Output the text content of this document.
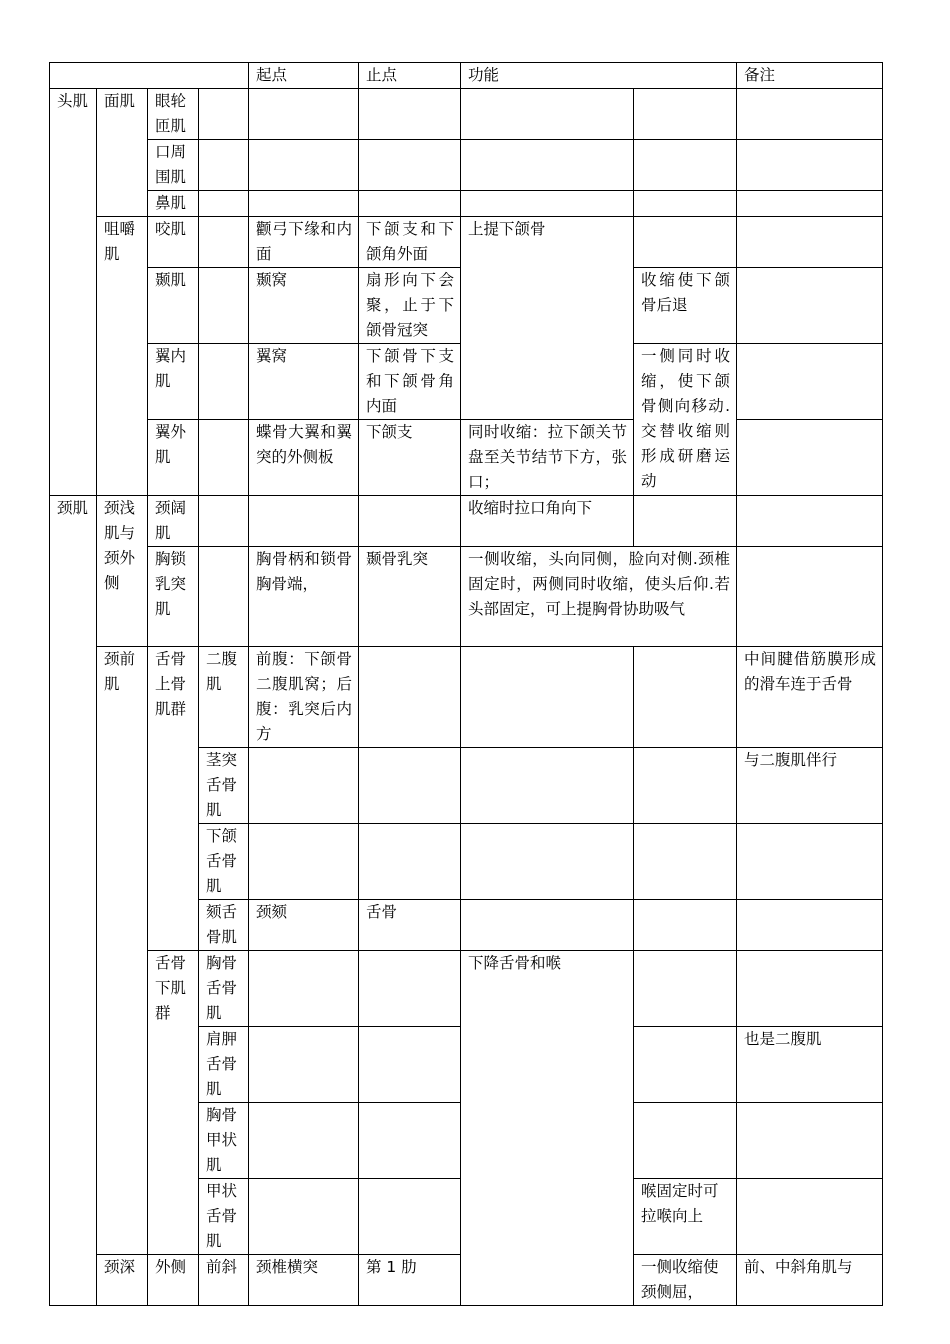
				起点	止点	功能		备注
头肌	面肌	眼轮匝肌						
		口周围肌						
		鼻肌						
	咀嚼肌	咬肌		颧弓下缘和内面	下颌支和下颌角外面	上提下颌骨		
		颞肌		颞窝	扇形向下会聚，止于下颌骨冠突		收缩使下颌骨后退	
		翼内肌		翼窝	下颌骨下支和下颌骨角内面		一侧同时收缩，使下颌骨侧向移动.交替收缩则形成研磨运动	
		翼外肌		蝶骨大翼和翼突的外侧板	下颌支	同时收缩：拉下颌关节盘至关节结节下方，张口；		

颈肌	颈浅肌与颈外侧	颈阔肌				收缩时拉口角向下		
		胸锁乳突肌		胸骨柄和锁骨胸骨端，	颞骨乳突	一侧收缩，头向同侧，脸向对侧.颈椎固定时，两侧同时收缩，使头后仰.若头部固定，可上提胸骨协助吸气		
	颈前肌	舌骨上骨肌群	二腹肌	前腹：下颌骨二腹肌窝；后腹：乳突后内方				中间腱借筋膜形成的滑车连于舌骨
			茎突舌骨肌					与二腹肌伴行
			下颌舌骨肌					
			颏舌骨肌	颈颏	舌骨			
		舌骨下肌群	胸骨舌骨肌			下降舌骨和喉		
			肩胛舌骨肌					也是二腹肌
			胸骨甲状肌					
			甲状舌骨肌				喉固定时可拉喉向上	
	颈深	外侧	前斜	颈椎横突	第 1 肋		一侧收缩使颈侧屈，	前、中斜角肌与
